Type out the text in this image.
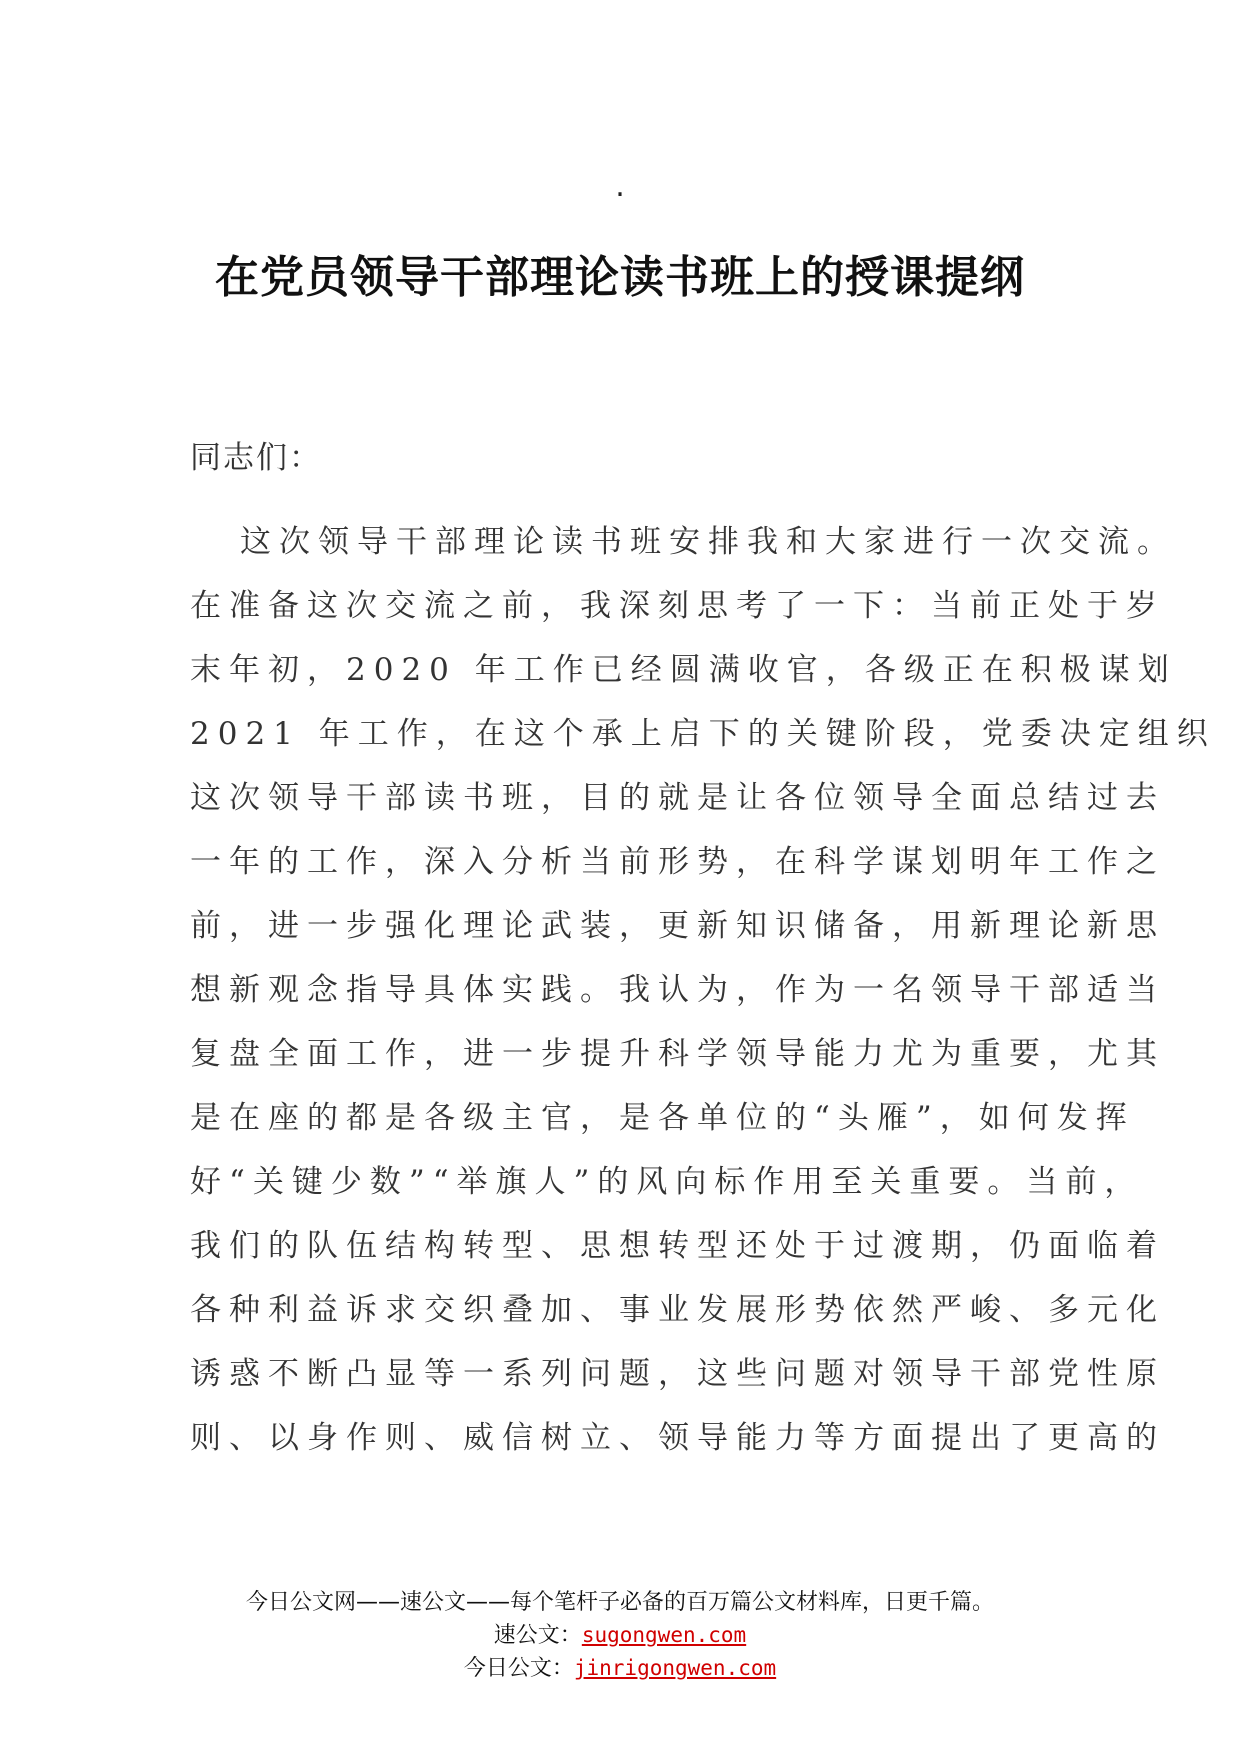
.
在党员领导干部理论读书班上的授课提纲
同志们：
这次领导干部理论读书班安排我和大家进行一次交流。
在准备这次交流之前，我深刻思考了一下：当前正处于岁
末年初，2020 年工作已经圆满收官，各级正在积极谋划
2021 年工作，在这个承上启下的关键阶段，党委决定组织
这次领导干部读书班，目的就是让各位领导全面总结过去
一年的工作，深入分析当前形势，在科学谋划明年工作之
前，进一步强化理论武装，更新知识储备，用新理论新思
想新观念指导具体实践。我认为，作为一名领导干部适当
复盘全面工作，进一步提升科学领导能力尤为重要，尤其
是在座的都是各级主官，是各单位的“头雁”，如何发挥
好“关键少数”“举旗人”的风向标作用至关重要。当前，
我们的队伍结构转型、思想转型还处于过渡期，仍面临着
各种利益诉求交织叠加、事业发展形势依然严峻、多元化
诱惑不断凸显等一系列问题，这些问题对领导干部党性原
则、以身作则、威信树立、领导能力等方面提出了更高的
今日公文网——速公文——每个笔杆子必备的百万篇公文材料库，日更千篇。
速公文：sugongwen.com
今日公文：jinrigongwen.com
